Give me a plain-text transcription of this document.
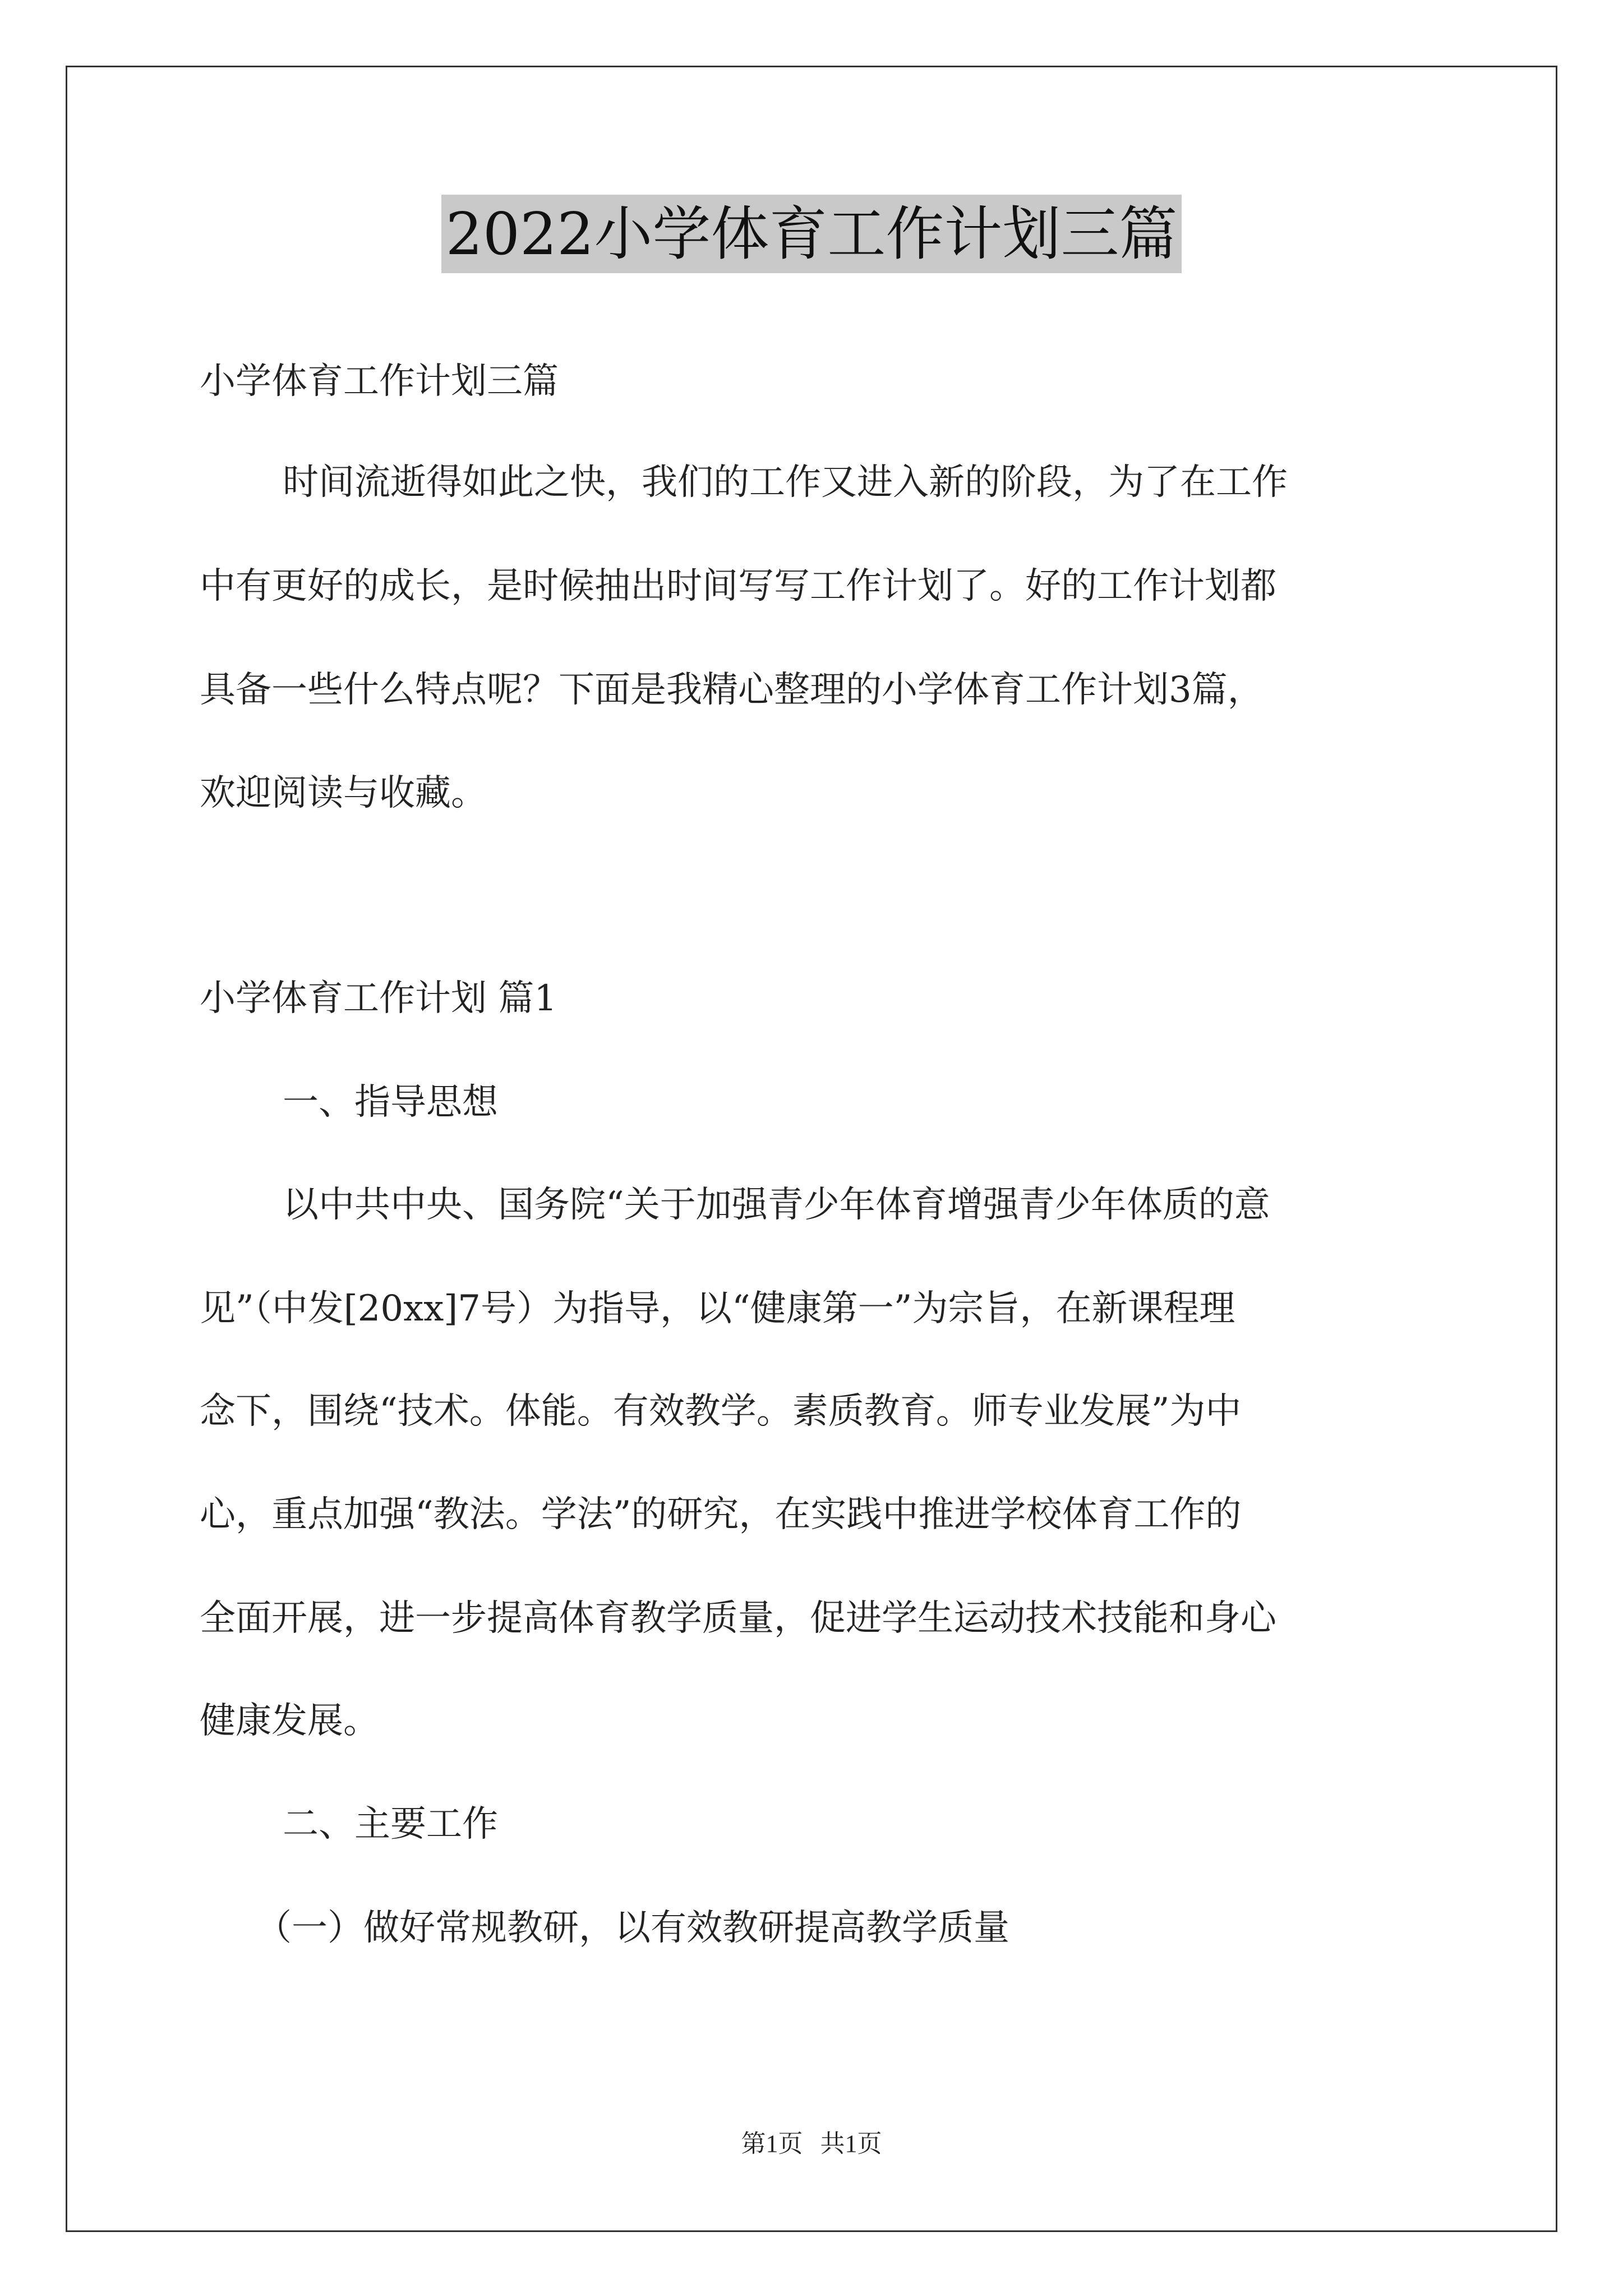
2022小学体育工作计划三篇

小学体育工作计划三篇

时间流逝得如此之快，我们的工作又进入新的阶段，为了在工作

中有更好的成长，是时候抽出时间写写工作计划了。好的工作计划都

具备一些什么特点呢？下面是我精心整理的小学体育工作计划3篇，

欢迎阅读与收藏。

小学体育工作计划 篇1

一、指导思想

以中共中央、国务院“关于加强青少年体育增强青少年体质的意

见”（中发[20xx]7号）为指导，以“健康第一”为宗旨，在新课程理

念下，围绕“技术。体能。有效教学。素质教育。师专业发展”为中

心，重点加强“教法。学法”的研究，在实践中推进学校体育工作的

全面开展，进一步提高体育教学质量，促进学生运动技术技能和身心

健康发展。

二、主要工作

（一）做好常规教研，以有效教研提高教学质量

第1页 共1页
